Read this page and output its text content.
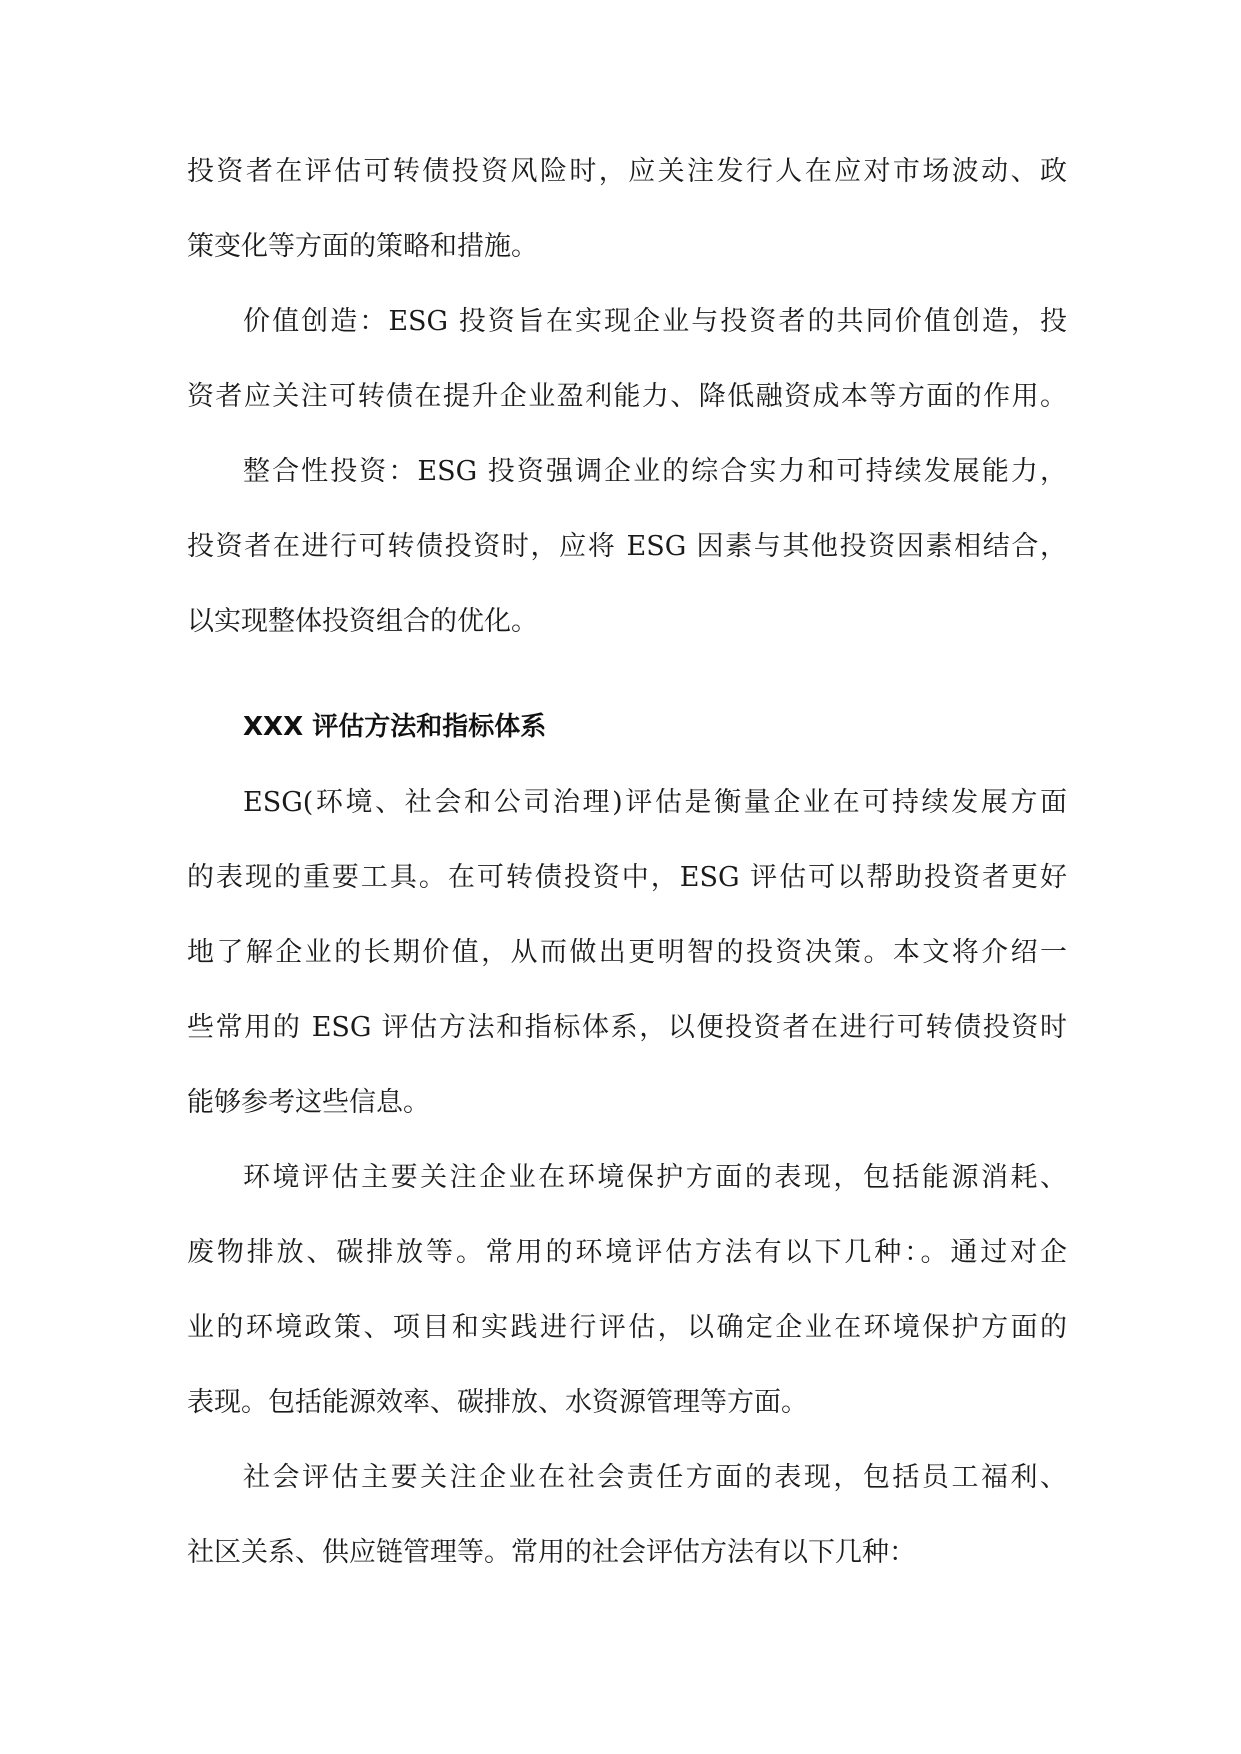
投资者在评估可转债投资风险时，应关注发行人在应对市场波动、政
策变化等方面的策略和措施。
价值创造：ESG 投资旨在实现企业与投资者的共同价值创造，投
资者应关注可转债在提升企业盈利能力、降低融资成本等方面的作用。
整合性投资：ESG 投资强调企业的综合实力和可持续发展能力，
投资者在进行可转债投资时，应将 ESG 因素与其他投资因素相结合，
以实现整体投资组合的优化。
XXX 评估方法和指标体系
ESG(环境、社会和公司治理)评估是衡量企业在可持续发展方面
的表现的重要工具。在可转债投资中，ESG 评估可以帮助投资者更好
地了解企业的长期价值，从而做出更明智的投资决策。本文将介绍一
些常用的 ESG 评估方法和指标体系，以便投资者在进行可转债投资时
能够参考这些信息。
环境评估主要关注企业在环境保护方面的表现，包括能源消耗、
废物排放、碳排放等。常用的环境评估方法有以下几种：。通过对企
业的环境政策、项目和实践进行评估，以确定企业在环境保护方面的
表现。包括能源效率、碳排放、水资源管理等方面。
社会评估主要关注企业在社会责任方面的表现，包括员工福利、
社区关系、供应链管理等。常用的社会评估方法有以下几种：
